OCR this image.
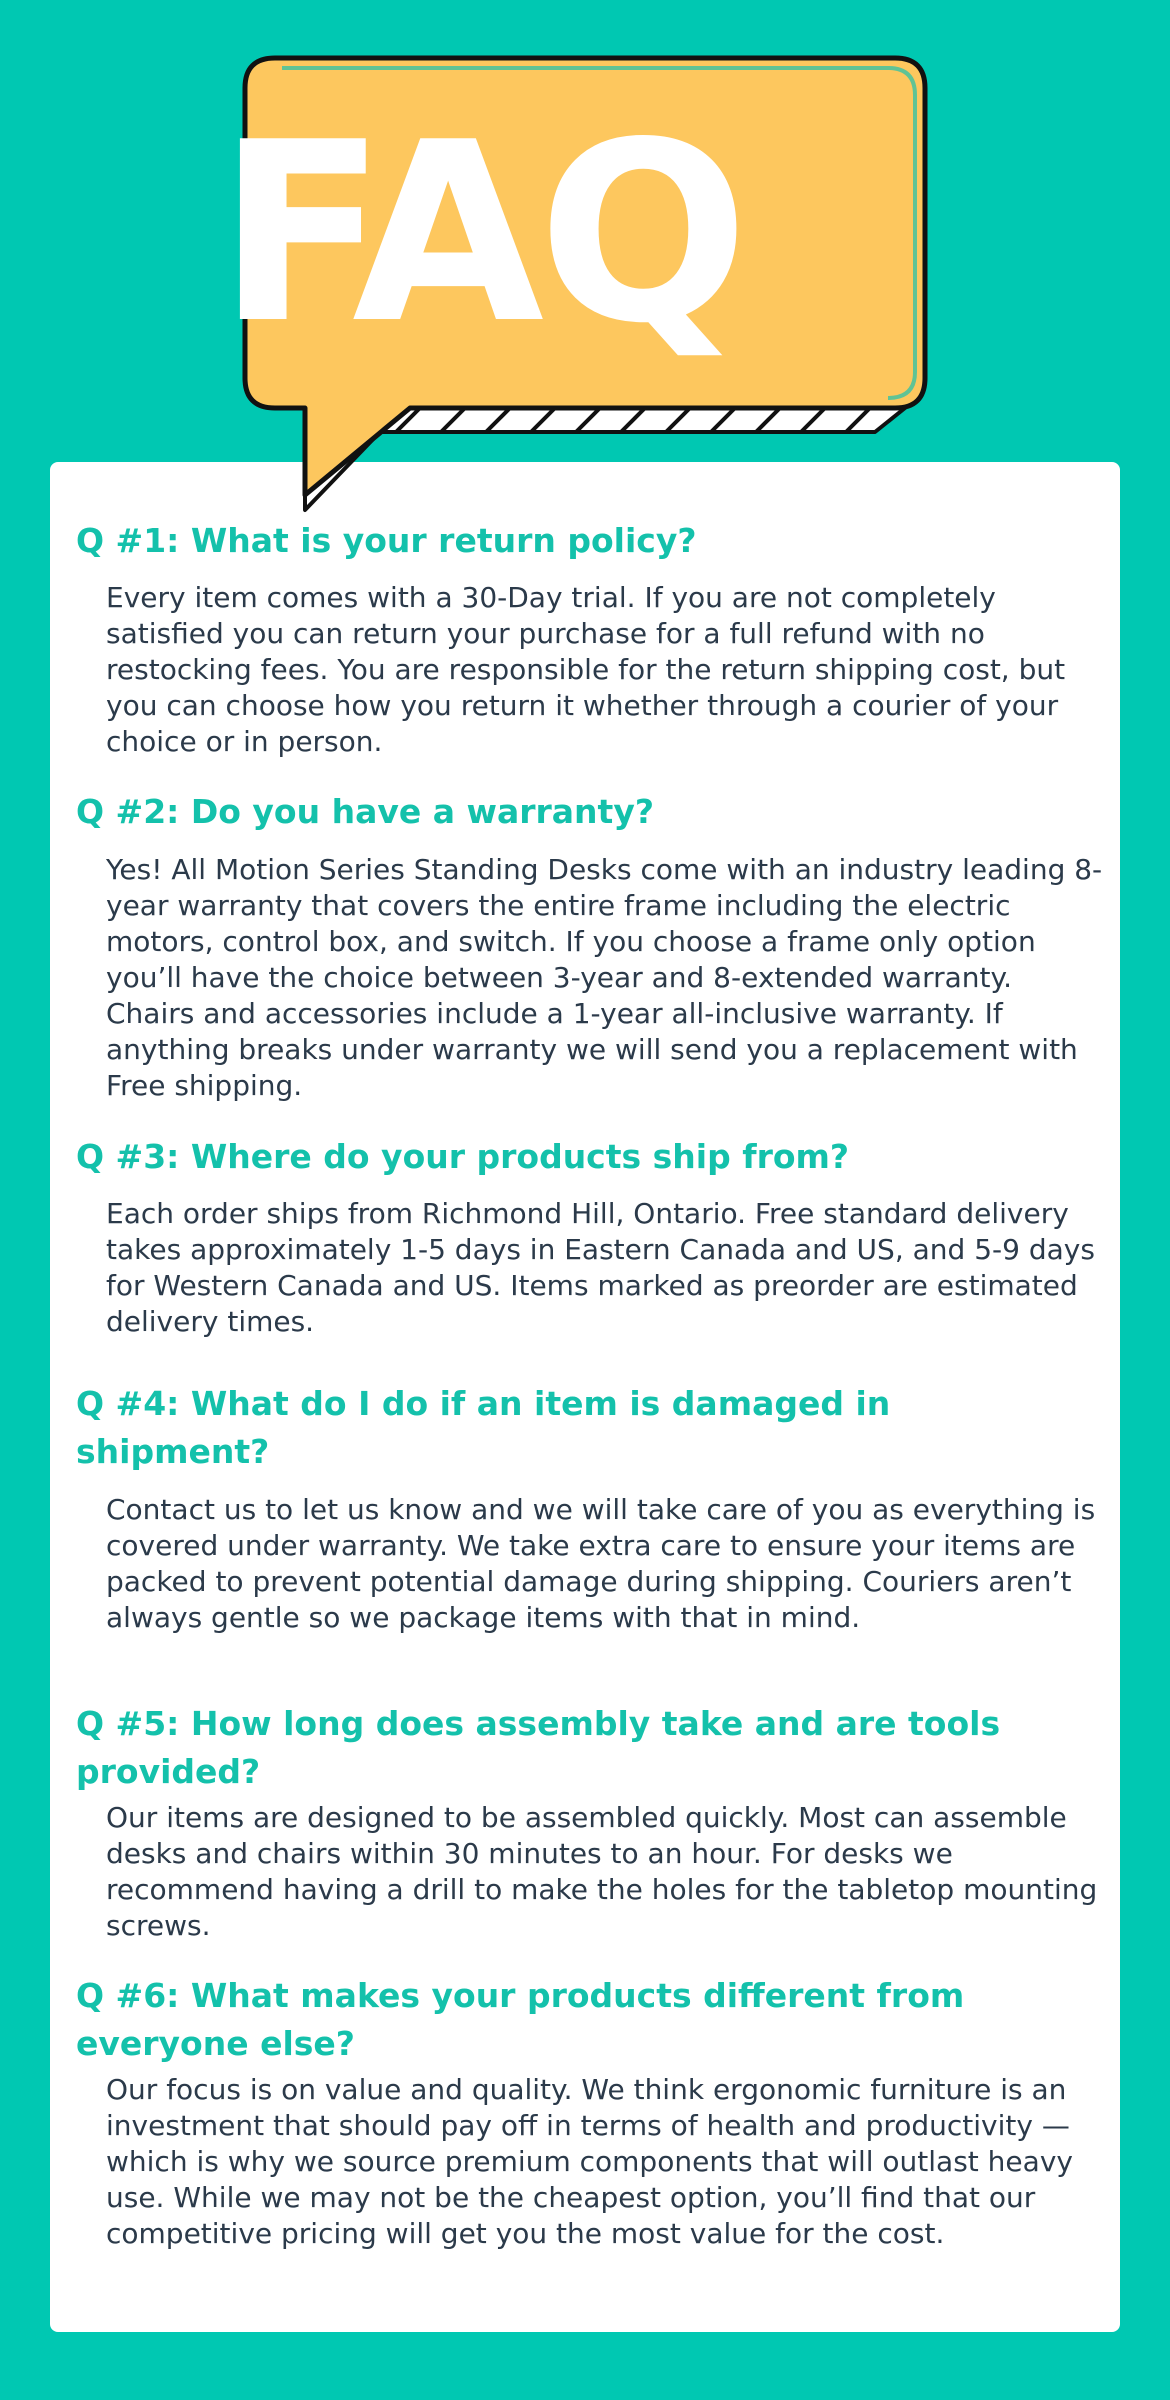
FAQ
Q #1: What is your return policy?

Every item comes with a 30-Day trial. If you are not completely satisfied you can return your purchase for a full refund with no restocking fees. You are responsible for the return shipping cost, but you can choose how you return it whether through a courier of your choice or in person.

Q #2: Do you have a warranty?

Yes! All Motion Series Standing Desks come with an industry leading 8-year warranty that covers the entire frame including the electric motors, control box, and switch. If you choose a frame only option you’ll have the choice between 3-year and 8-extended warranty. Chairs and accessories include a 1-year all-inclusive warranty. If anything breaks under warranty we will send you a replacement with Free shipping.

Q #3: Where do your products ship from?

Each order ships from Richmond Hill, Ontario. Free standard delivery takes approximately 1-5 days in Eastern Canada and US, and 5-9 days for Western Canada and US. Items marked as preorder are estimated delivery times.

Q #4: What do I do if an item is damaged in shipment?

Contact us to let us know and we will take care of you as everything is covered under warranty. We take extra care to ensure your items are packed to prevent potential damage during shipping. Couriers aren’t always gentle so we package items with that in mind.

Q #5: How long does assembly take and are tools provided?

Our items are designed to be assembled quickly. Most can assemble desks and chairs within 30 minutes to an hour. For desks we recommend having a drill to make the holes for the tabletop mounting screws.

Q #6: What makes your products different from everyone else?

Our focus is on value and quality. We think ergonomic furniture is an investment that should pay off in terms of health and productivity — which is why we source premium components that will outlast heavy use. While we may not be the cheapest option, you’ll find that our competitive pricing will get you the most value for the cost.
